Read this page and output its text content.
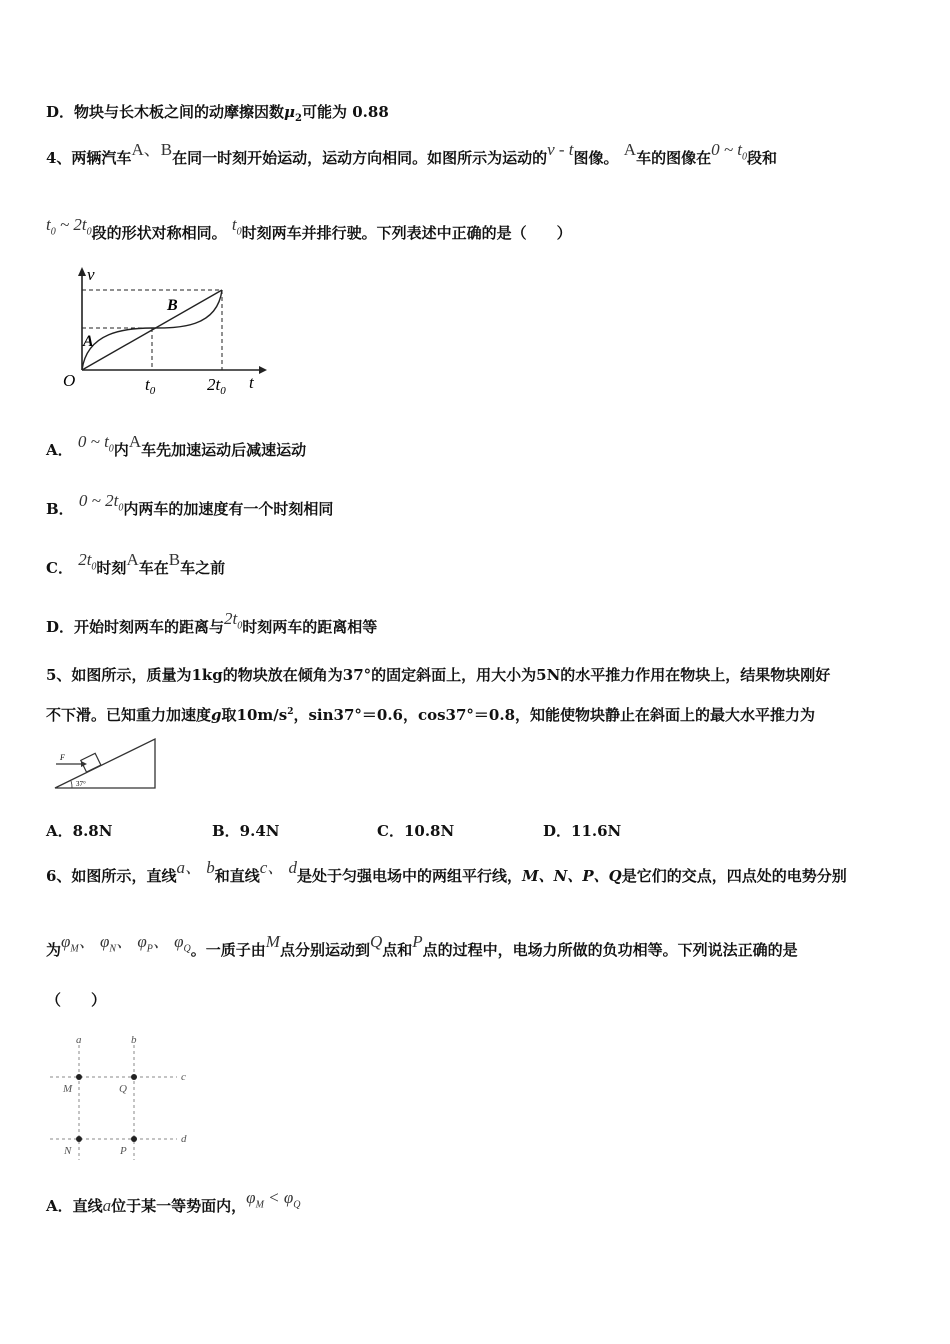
D．物块与长木板之间的动摩擦因数$\mu_2$可能为 0.88
4、两辆汽车A、B在同一时刻开始运动，运动方向相同。如图所示为运动的v - t图像。 A车的图像在0 ~ $t_0$段和
$t_0$ ~ $2t_0$段的形状对称相同。 $t_0$时刻两车并排行驶。下列表述中正确的是（　　）
v
O
A
B
$t_0$	$2t_0$ t
A． 0 ~ $t_0$内A车先加速运动后减速运动
B． 0 ~ $2t_0$内两车的加速度有一个时刻相同
C． $2t_0$时刻A车在B车之前
D．开始时刻两车的距离与$2t_0$时刻两车的距离相等
5、如图所示，质量为1kg的物块放在倾角为37°的固定斜面上，用大小为5N的水平推力作用在物块上，结果物块刚好
不下滑。已知重力加速度g取$10m/s^2$，sin37°＝0.6，cos37°＝0.8，知能使物块静止在斜面上的最大水平推力为
F
37°
A．8.8N	B．9.4N	C．10.8N	D．11.6N
6、如图所示，直线a、 b和直线c、 d是处于匀强电场中的两组平行线，M、N、P、Q是它们的交点，四点处的电势分别
为$\varphi_M$、 $\varphi_N$、 $\varphi_P$、 $\varphi_Q$。一质子由M点分别运动到Q点和P点的过程中，电场力所做的负功相等。下列说法正确的是
（　　）
a	b
c
d
M	Q
N	P
A．直线a位于某一等势面内，$\varphi_M < \varphi_Q$
